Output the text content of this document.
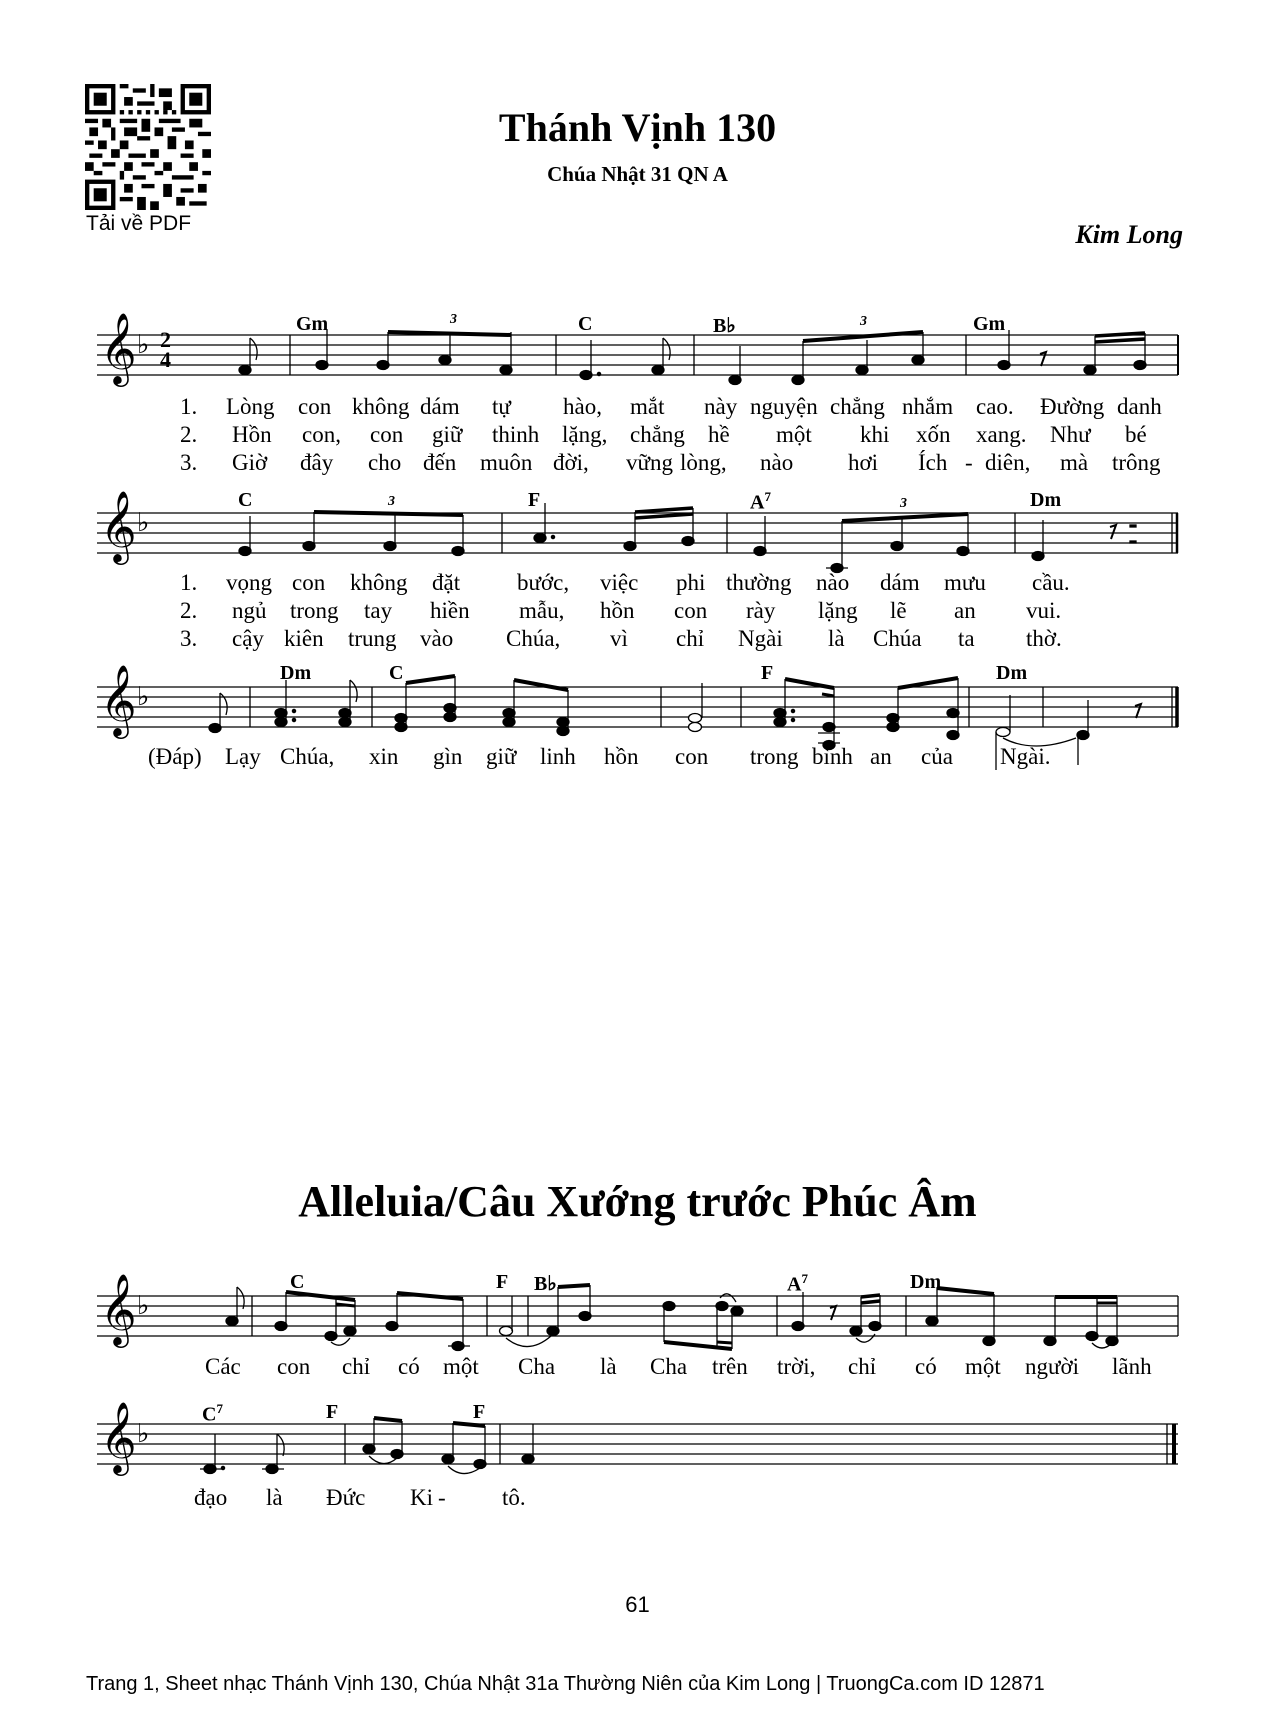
Tải về PDF
Thánh Vịnh 130
Chúa Nhật 31 QN A
Kim Long
𝄞 ♭ 2
4
Gm	C	B♭	Gm
3	3
1. Lòng con không dám tự hào, mắt này nguyện chẳng nhắm cao. Đường danh
2. Hồn con, con giữ thinh lặng, chẳng hề một khi xốn xang. Như bé
3. Giờ đây cho đến muôn đời, vững lòng, nào hơi Ích - diên, mà trông
𝄞 ♭
C	F	$A^7$	Dm
3	3
1. vọng con không đặt bước, việc phi thường nào dám mưu cầu.
2. ngủ trong tay hiền mẫu, hồn con rày lặng lẽ an vui.
3. cậy kiên trung vào Chúa, vì chỉ Ngài là Chúa ta thờ.
𝄞 ♭
Dm	C	F	Dm
(Đáp) Lạy Chúa, xin gìn giữ linh hồn con trong bình an của Ngài.
Alleluia/Câu Xướng trước Phúc Âm
𝄞 ♭
C	F B♭	$A^7$	Dm
Các con chỉ có một Cha là Cha trên trời, chỉ có một người lãnh
𝄞 ♭
$C^7$	F	F
đạo là Đức Ki - tô.
61
Trang 1, Sheet nhạc Thánh Vịnh 130, Chúa Nhật 31a Thường Niên của Kim Long | TruongCa.com ID 12871
